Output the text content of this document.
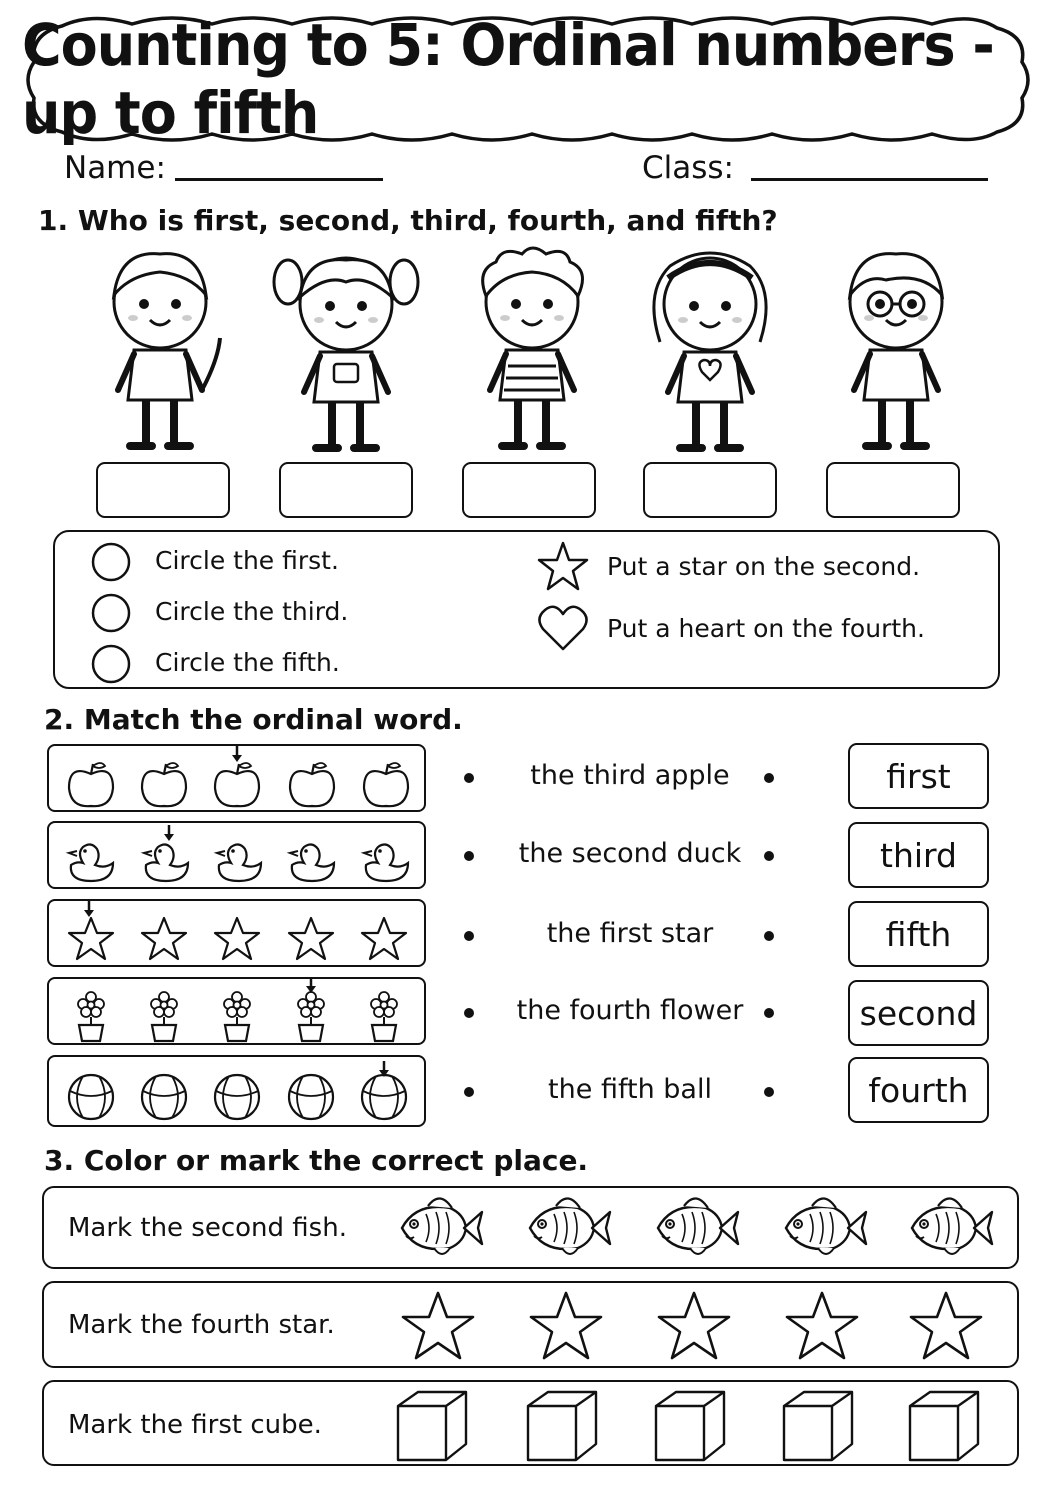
Counting to 5: Ordinal numbers - up to fifth
Name:	Class:
1. Who is first, second, third, fourth, and fifth?
Circle the first.
Circle the third.
Circle the fifth.
Put a star on the second.
Put a heart on the fourth.
2. Match the ordinal word.
the third apple
the second duck
the first star
the fourth flower
the fifth ball
first
third
fifth
second
fourth
3. Color or mark the correct place.
Mark the second fish.
Mark the fourth star.
Mark the first cube.
